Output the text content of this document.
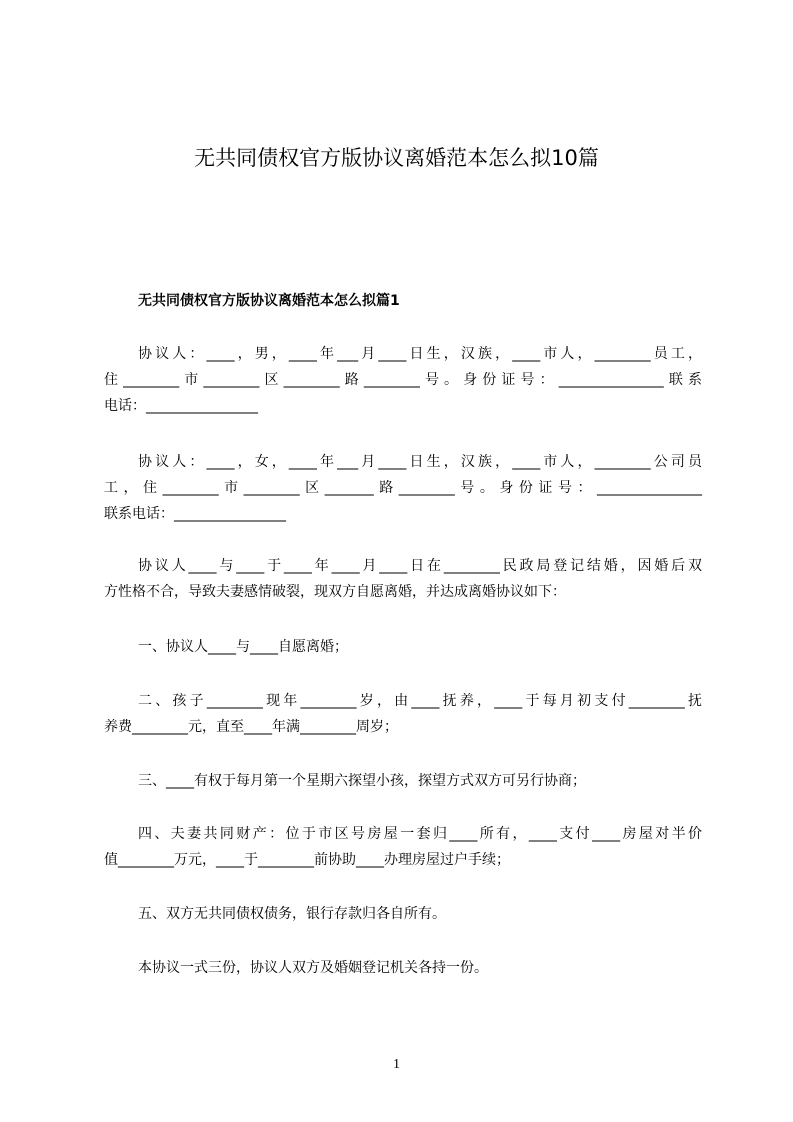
无共同债权官方版协议离婚范本怎么拟10篇
无共同债权官方版协议离婚范本怎么拟篇1

协议人：____，男，____年___月____日生，汉族，____市人，________员工，
住________市________区________路________号。身份证号：_______________联系
电话：________________

协议人：____，女，____年___月____日生，汉族，____市人，________公司员
工，住________市________区_______路________号。身份证号：_______________
联系电话：________________

协议人____与____于____年____月____日在________民政局登记结婚，因婚后双
方性格不合，导致夫妻感情破裂，现双方自愿离婚，并达成离婚协议如下：

一、协议人____与____自愿离婚；

二、孩子________现年________岁，由____抚养，____于每月初支付________抚
养费________元，直至____年满________周岁；

三、____有权于每月第一个星期六探望小孩，探望方式双方可另行协商；

四、夫妻共同财产：位于市区号房屋一套归____所有，____支付____房屋对半价
值________万元，____于________前协助____办理房屋过户手续；

五、双方无共同债权债务，银行存款归各自所有。

本协议一式三份，协议人双方及婚姻登记机关各持一份。

1
